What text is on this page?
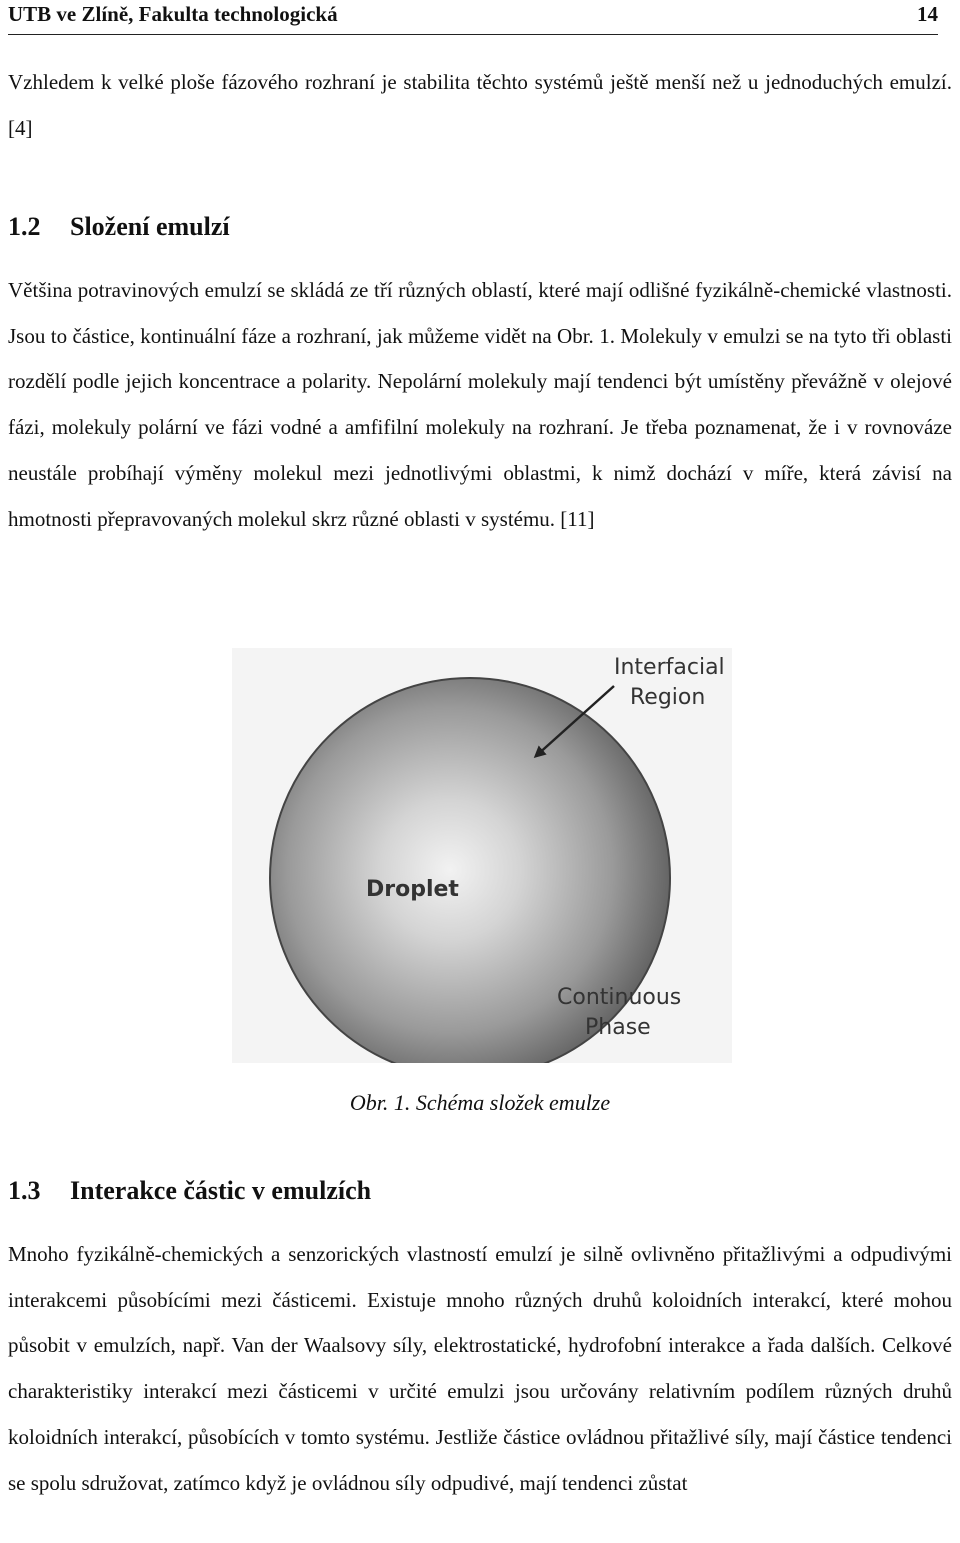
UTB ve Zlíně, Fakulta technologická	14

Vzhledem k velké ploše fázového rozhraní je stabilita těchto systémů ještě menší než u jednoduchých emulzí. [4]

1.2 Složení emulzí

Většina potravinových emulzí se skládá ze tří různých oblastí, které mají odlišné fyzikálně-chemické vlastnosti. Jsou to částice, kontinuální fáze a rozhraní, jak můžeme vidět na Obr. 1. Molekuly v emulzi se na tyto tři oblasti rozdělí podle jejich koncentrace a polarity. Nepolární molekuly mají tendenci být umístěny převážně v olejové fázi, molekuly polární ve fázi vodné a amfifilní molekuly na rozhraní. Je třeba poznamenat, že i v rovnováze neustále probíhají výměny molekul mezi jednotlivými oblastmi, k nimž dochází v míře, která závisí na hmotnosti přepravovaných molekul skrz různé oblasti v systému. [11]

Interfacial
Region
Droplet
Continuous
Phase
Obr. 1. Schéma složek emulze
1.3 Interakce částic v emulzích

Mnoho fyzikálně-chemických a senzorických vlastností emulzí je silně ovlivněno přitažlivými a odpudivými interakcemi působícími mezi částicemi. Existuje mnoho různých druhů koloidních interakcí, které mohou působit v emulzích, např. Van der Waalsovy síly, elektrostatické, hydrofobní interakce a řada dalších. Celkové charakteristiky interakcí mezi částicemi v určité emulzi jsou určovány relativním podílem různých druhů koloidních interakcí, působících v tomto systému. Jestliže částice ovládnou přitažlivé síly, mají částice tendenci se spolu sdružovat, zatímco když je ovládnou síly odpudivé, mají tendenci zůstat
